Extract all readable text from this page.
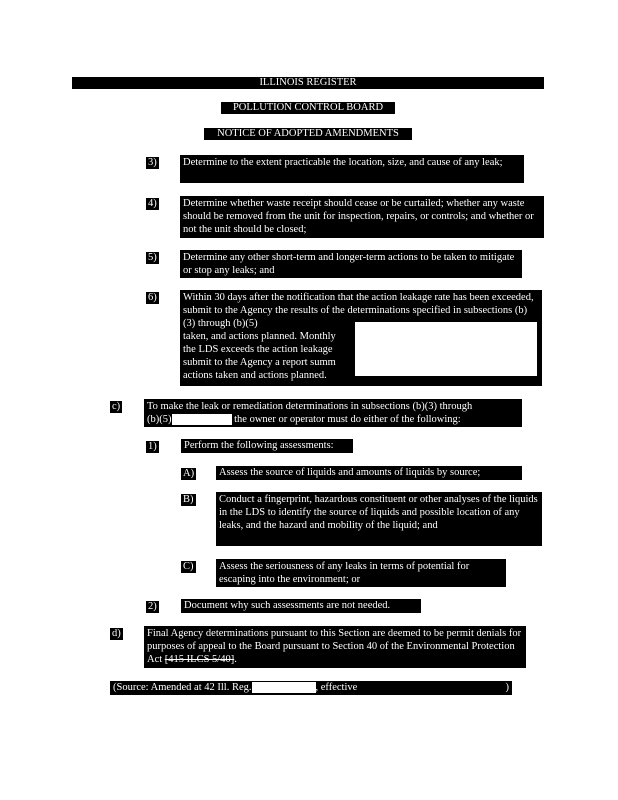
ILLINOIS REGISTER
POLLUTION CONTROL BOARD
NOTICE OF ADOPTED AMENDMENTS
3)	Determine to the extent practicable the location, size, and cause of any leak;
4)	Determine whether waste receipt should cease or be curtailed; whether any waste should be removed from the unit for inspection, repairs, or controls; and whether or not the unit should be closed;
5)	Determine any other short-term and longer-term actions to be taken to mitigate or stop any leaks; and
6)	Within 30 days after the notification that the action leakage rate has been exceeded, submit to the Agency the results of the determinations specified in subsections (b)(3) through (b)(5)
taken, and actions planned. Monthly
the LDS exceeds the action leakage
submit to the Agency a report summ
actions taken and actions planned.
c)	To make the leak or remediation determinations in subsections (b)(3) through
(b)(5)	the owner or operator must do either of the following:
1)	Perform the following assessments:
A) Assess the source of liquids and amounts of liquids by source;
B) Conduct a fingerprint, hazardous constituent or other analyses of the liquids in the LDS to identify the source of liquids and possible location of any leaks, and the hazard and mobility of the liquid; and
C) Assess the seriousness of any leaks in terms of potential for escaping into the environment; or
2)	Document why such assessments are not needed.
d)	Final Agency determinations pursuant to this Section are deemed to be permit denials for purposes of appeal to the Board pursuant to Section 40 of the Environmental Protection Act [415 ILCS 5/40].
(Source: Amended at 42 Ill. Reg.	, effective	)
